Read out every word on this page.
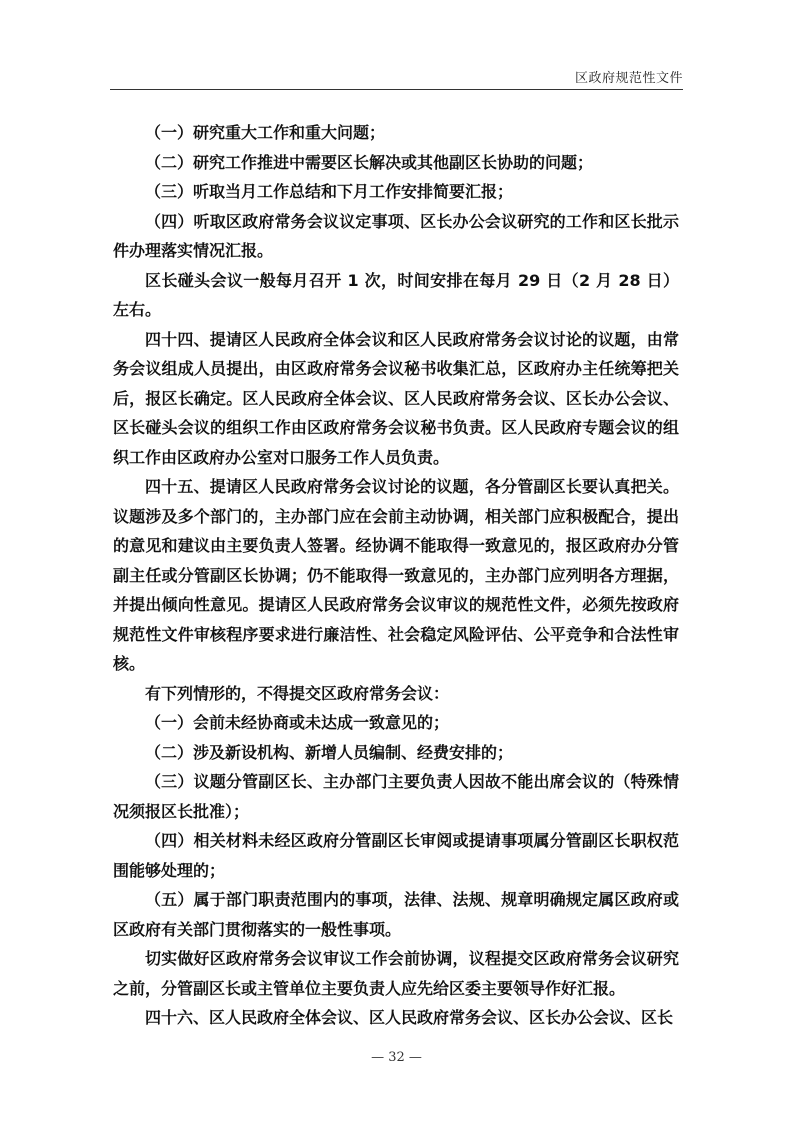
区政府规范性文件

（一）研究重大工作和重大问题；

（二）研究工作推进中需要区长解决或其他副区长协助的问题；

（三）听取当月工作总结和下月工作安排简要汇报；

（四）听取区政府常务会议议定事项、区长办公会议研究的工作和区长批示件办理落实情况汇报。

区长碰头会议一般每月召开 1 次，时间安排在每月 29 日（2 月 28 日）左右。

四十四、提请区人民政府全体会议和区人民政府常务会议讨论的议题，由常务会议组成人员提出，由区政府常务会议秘书收集汇总，区政府办主任统筹把关后，报区长确定。区人民政府全体会议、区人民政府常务会议、区长办公会议、区长碰头会议的组织工作由区政府常务会议秘书负责。区人民政府专题会议的组织工作由区政府办公室对口服务工作人员负责。

四十五、提请区人民政府常务会议讨论的议题，各分管副区长要认真把关。议题涉及多个部门的，主办部门应在会前主动协调，相关部门应积极配合，提出的意见和建议由主要负责人签署。经协调不能取得一致意见的，报区政府办分管副主任或分管副区长协调；仍不能取得一致意见的，主办部门应列明各方理据，并提出倾向性意见。提请区人民政府常务会议审议的规范性文件，必须先按政府规范性文件审核程序要求进行廉洁性、社会稳定风险评估、公平竞争和合法性审核。

有下列情形的，不得提交区政府常务会议：

（一）会前未经协商或未达成一致意见的；

（二）涉及新设机构、新增人员编制、经费安排的；

（三）议题分管副区长、主办部门主要负责人因故不能出席会议的（特殊情况须报区长批准）；

（四）相关材料未经区政府分管副区长审阅或提请事项属分管副区长职权范围能够处理的；

（五）属于部门职责范围内的事项，法律、法规、规章明确规定属区政府或区政府有关部门贯彻落实的一般性事项。

切实做好区政府常务会议审议工作会前协调，议程提交区政府常务会议研究之前，分管副区长或主管单位主要负责人应先给区委主要领导作好汇报。

四十六、区人民政府全体会议、区人民政府常务会议、区长办公会议、区长

— 32 —
